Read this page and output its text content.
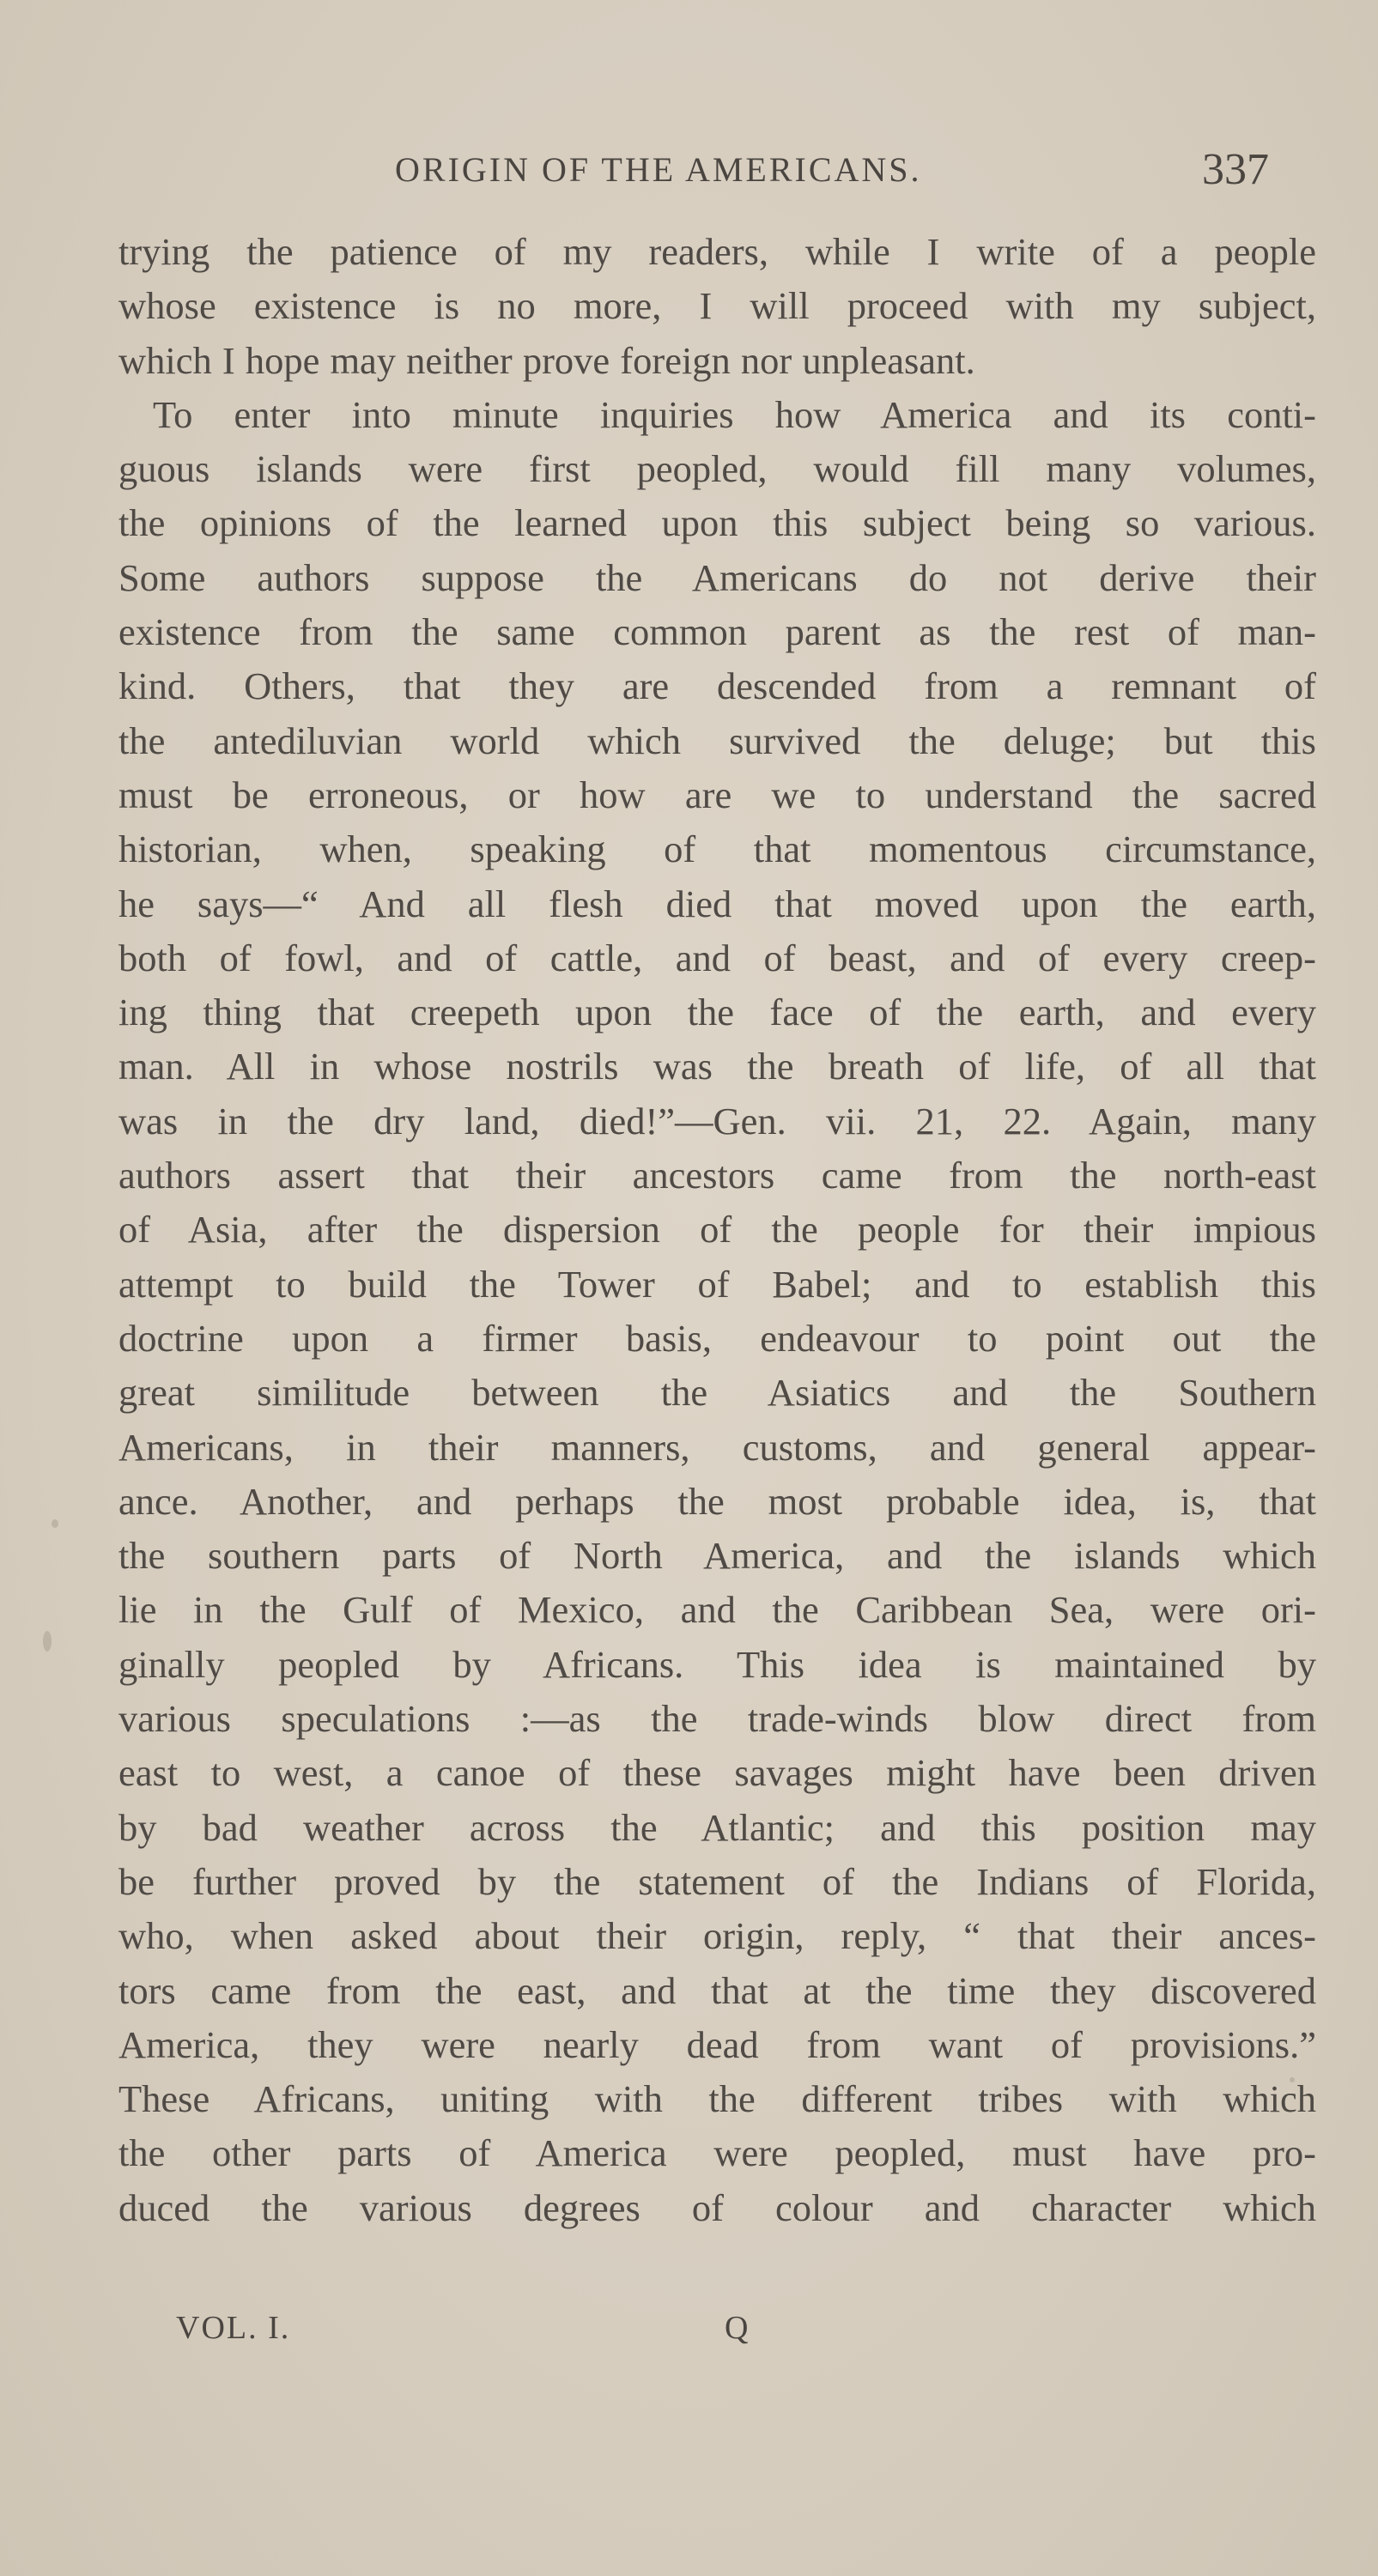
ORIGIN OF THE AMERICANS.	337
trying the patience of my readers, while I write of a people
whose existence is no more, I will proceed with my subject,
which I hope may neither prove foreign nor unpleasant.
To enter into minute inquiries how America and its conti-
guous islands were first peopled, would fill many volumes,
the opinions of the learned upon this subject being so various.
Some authors suppose the Americans do not derive their
existence from the same common parent as the rest of man-
kind. Others, that they are descended from a remnant of
the antediluvian world which survived the deluge; but this
must be erroneous, or how are we to understand the sacred
historian, when, speaking of that momentous circumstance,
he says—“ And all flesh died that moved upon the earth,
both of fowl, and of cattle, and of beast, and of every creep-
ing thing that creepeth upon the face of the earth, and every
man. All in whose nostrils was the breath of life, of all that
was in the dry land, died!”—Gen. vii. 21, 22. Again, many
authors assert that their ancestors came from the north-east
of Asia, after the dispersion of the people for their impious
attempt to build the Tower of Babel; and to establish this
doctrine upon a firmer basis, endeavour to point out the
great similitude between the Asiatics and the Southern
Americans, in their manners, customs, and general appear-
ance. Another, and perhaps the most probable idea, is, that
the southern parts of North America, and the islands which
lie in the Gulf of Mexico, and the Caribbean Sea, were ori-
ginally peopled by Africans. This idea is maintained by
various speculations :—as the trade-winds blow direct from
east to west, a canoe of these savages might have been driven
by bad weather across the Atlantic; and this position may
be further proved by the statement of the Indians of Florida,
who, when asked about their origin, reply, “ that their ances-
tors came from the east, and that at the time they discovered
America, they were nearly dead from want of provisions.”
These Africans, uniting with the different tribes with which
the other parts of America were peopled, must have pro-
duced the various degrees of colour and character which
VOL. I.	Q
